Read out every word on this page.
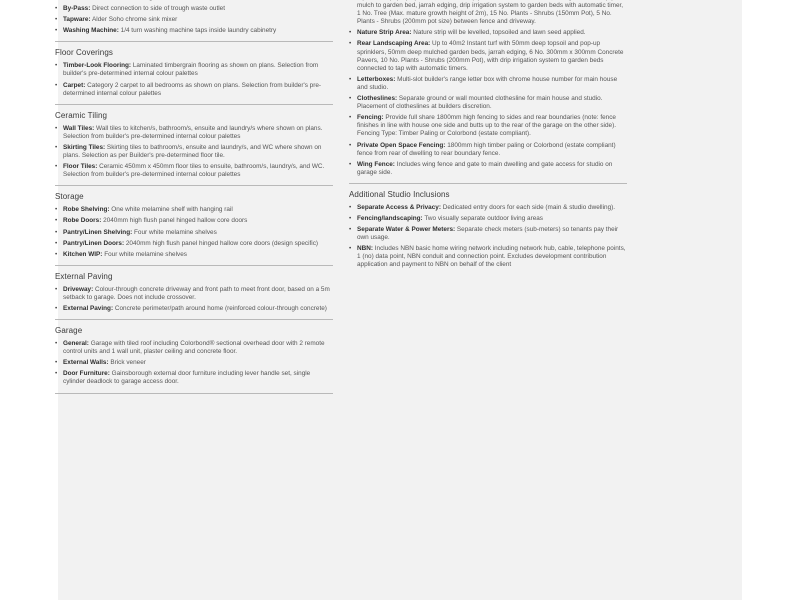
•
• By-Pass: Direct connection to side of trough waste outlet
• Tapware: Alder Soho chrome sink mixer
• Washing Machine: 1/4 turn washing machine taps inside laundry cabinetry
Floor Coverings
• Timber-Look Flooring: Laminated timbergrain flooring as shown on plans. Selection from builder's pre-determined internal colour palettes
• Carpet: Category 2 carpet to all bedrooms as shown on plans. Selection from builder's pre-determined internal colour palettes
Ceramic Tiling
• Wall Tiles: Wall tiles to kitchen/s, bathroom/s, ensuite and laundry/s where shown on plans. Selection from builder's pre-determined internal colour palettes
• Skirting Tiles: Skirting tiles to bathroom/s, ensuite and laundry/s, and WC where shown on plans. Selection as per Builder's pre-determined floor tile.
• Floor Tiles: Ceramic 450mm x 450mm floor tiles to ensuite, bathroom/s, laundry/s, and WC. Selection from builder's pre-determined internal colour palettes
Storage
• Robe Shelving: One white melamine shelf with hanging rail
• Robe Doors: 2040mm high flush panel hinged hallow core doors
• Pantry/Linen Shelving: Four white melamine shelves
• Pantry/Linen Doors: 2040mm high flush panel hinged hallow core doors (design specific)
• Kitchen WIP: Four white melamine shelves
External Paving
• Driveway: Colour-through concrete driveway and front path to meet front door, based on a 5m setback to garage. Does not include crossover.
• External Paving: Concrete perimeter/path around home (reinforced colour-through concrete)
Garage
• General: Garage with tiled roof including Colorbond® sectional overhead door with 2 remote control units and 1 wall unit, plaster ceiling and concrete floor.
• External Walls: Brick veneer
• Door Furniture: Gainsborough external door furniture including lever handle set, single cylinder deadlock to garage access door.
• mulch to garden bed, jarrah edging, drip irrigation system to garden beds with automatic timer, 1 No. Tree (Max. mature growth height of 2m), 15 No. Plants - Shrubs (150mm Pot), 5 No. Plants - Shrubs (200mm pot size) between fence and driveway.
• Nature Strip Area: Nature strip will be levelled, topsoiled and lawn seed applied.
• Rear Landscaping Area: Up to 40m2 Instant turf with 50mm deep topsoil and pop-up sprinklers, 50mm deep mulched garden beds, jarrah edging, 6 No. 300mm x 300mm Concrete Pavers, 10 No. Plants - Shrubs (200mm Pot), with drip irrigation system to garden beds connected to tap with automatic timers.
• Letterboxes: Multi-slot builder's range letter box with chrome house number for main house and studio.
• Clotheslines: Separate ground or wall mounted clothesline for main house and studio. Placement of clotheslines at builders discretion.
• Fencing: Provide full share 1800mm high fencing to sides and rear boundaries (note: fence finishes in line with house one side and butts up to the rear of the garage on the other side). Fencing Type: Timber Paling or Colorbond (estate compliant).
• Private Open Space Fencing: 1800mm high timber paling or Colorbond (estate compliant) fence from rear of dwelling to rear boundary fence.
• Wing Fence: Includes wing fence and gate to main dwelling and gate access for studio on garage side.
Additional Studio Inclusions
• Separate Access & Privacy: Dedicated entry doors for each side (main & studio dwelling).
• Fencing/landscaping: Two visually separate outdoor living areas
• Separate Water & Power Meters: Separate check meters (sub-meters) so tenants pay their own usage.
• NBN: Includes NBN basic home wiring network including network hub, cable, telephone points, 1 (no) data point, NBN conduit and connection point. Excludes development contribution application and payment to NBN on behalf of the client
